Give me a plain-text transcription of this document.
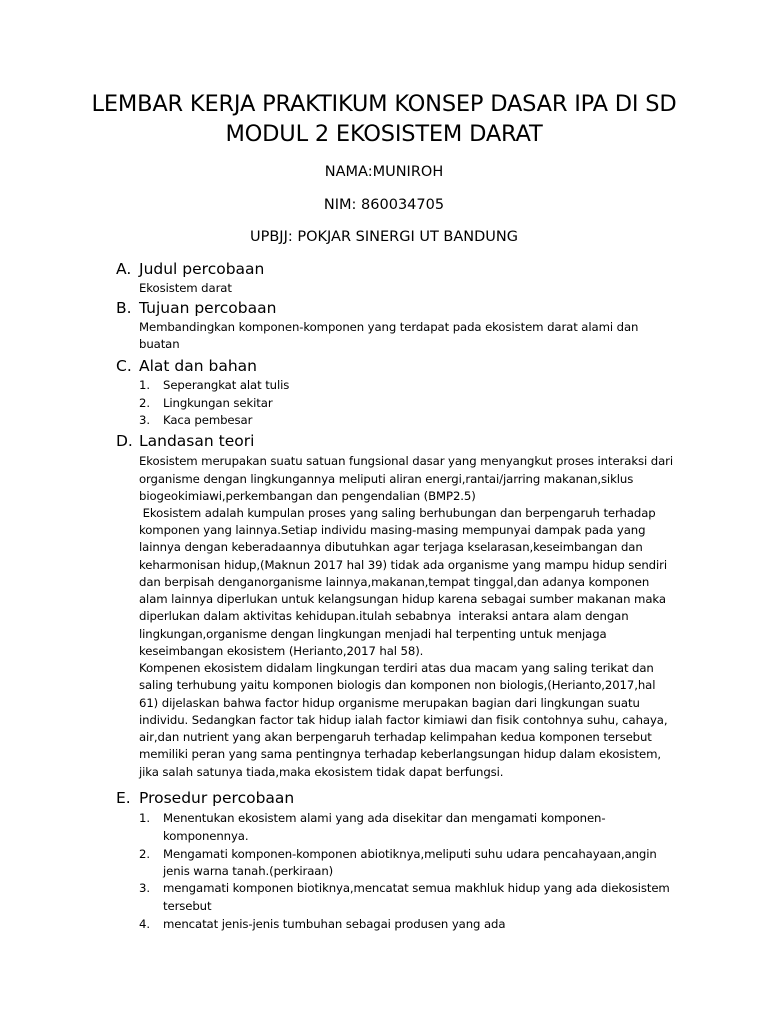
LEMBAR KERJA PRAKTIKUM KONSEP DASAR IPA DI SD
MODUL 2 EKOSISTEM DARAT
NAMA:MUNIROH
NIM: 860034705
UPBJJ: POKJAR SINERGI UT BANDUNG
A. Judul percobaan
Ekosistem darat
B. Tujuan percobaan
Membandingkan komponen-komponen yang terdapat pada ekosistem darat alami dan
buatan
C. Alat dan bahan
1. Seperangkat alat tulis
2. Lingkungan sekitar
3. Kaca pembesar
D. Landasan teori
Ekosistem merupakan suatu satuan fungsional dasar yang menyangkut proses interaksi dari
organisme dengan lingkungannya meliputi aliran energi,rantai/jarring makanan,siklus
biogeokimiawi,perkembangan dan pengendalian (BMP2.5)
Ekosistem adalah kumpulan proses yang saling berhubungan dan berpengaruh terhadap
komponen yang lainnya.Setiap individu masing-masing mempunyai dampak pada yang
lainnya dengan keberadaannya dibutuhkan agar terjaga kselarasan,keseimbangan dan
keharmonisan hidup,(Maknun 2017 hal 39) tidak ada organisme yang mampu hidup sendiri
dan berpisah denganorganisme lainnya,makanan,tempat tinggal,dan adanya komponen
alam lainnya diperlukan untuk kelangsungan hidup karena sebagai sumber makanan maka
diperlukan dalam aktivitas kehidupan.itulah sebabnya  interaksi antara alam dengan
lingkungan,organisme dengan lingkungan menjadi hal terpenting untuk menjaga
keseimbangan ekosistem (Herianto,2017 hal 58).
Kompenen ekosistem didalam lingkungan terdiri atas dua macam yang saling terikat dan
saling terhubung yaitu komponen biologis dan komponen non biologis,(Herianto,2017,hal
61) dijelaskan bahwa factor hidup organisme merupakan bagian dari lingkungan suatu
individu. Sedangkan factor tak hidup ialah factor kimiawi dan fisik contohnya suhu, cahaya,
air,dan nutrient yang akan berpengaruh terhadap kelimpahan kedua komponen tersebut
memiliki peran yang sama pentingnya terhadap keberlangsungan hidup dalam ekosistem,
jika salah satunya tiada,maka ekosistem tidak dapat berfungsi.
E. Prosedur percobaan
1. Menentukan ekosistem alami yang ada disekitar dan mengamati komponen-
komponennya.
2. Mengamati komponen-komponen abiotiknya,meliputi suhu udara pencahayaan,angin
jenis warna tanah.(perkiraan)
3. mengamati komponen biotiknya,mencatat semua makhluk hidup yang ada diekosistem
tersebut
4. mencatat jenis-jenis tumbuhan sebagai produsen yang ada
